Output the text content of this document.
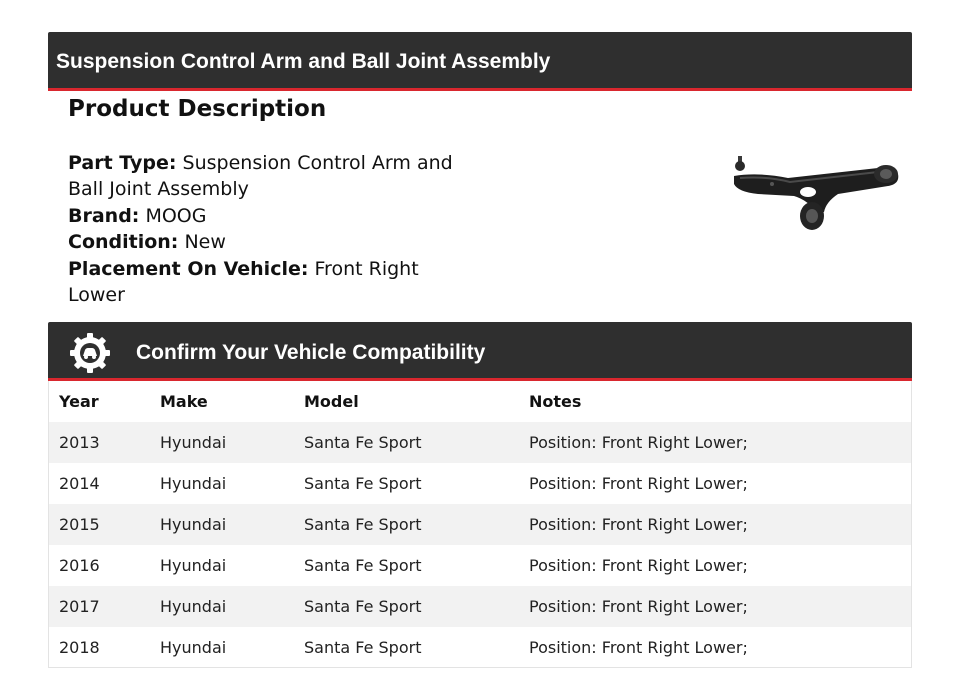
Suspension Control Arm and Ball Joint Assembly
Product Description
Part Type: Suspension Control Arm and Ball Joint Assembly
Brand: MOOG
Condition: New
Placement On Vehicle: Front Right Lower
Confirm Your Vehicle Compatibility
Year	Make	Model	Notes
2013	Hyundai	Santa Fe Sport	Position: Front Right Lower;
2014	Hyundai	Santa Fe Sport	Position: Front Right Lower;
2015	Hyundai	Santa Fe Sport	Position: Front Right Lower;
2016	Hyundai	Santa Fe Sport	Position: Front Right Lower;
2017	Hyundai	Santa Fe Sport	Position: Front Right Lower;
2018	Hyundai	Santa Fe Sport	Position: Front Right Lower;
